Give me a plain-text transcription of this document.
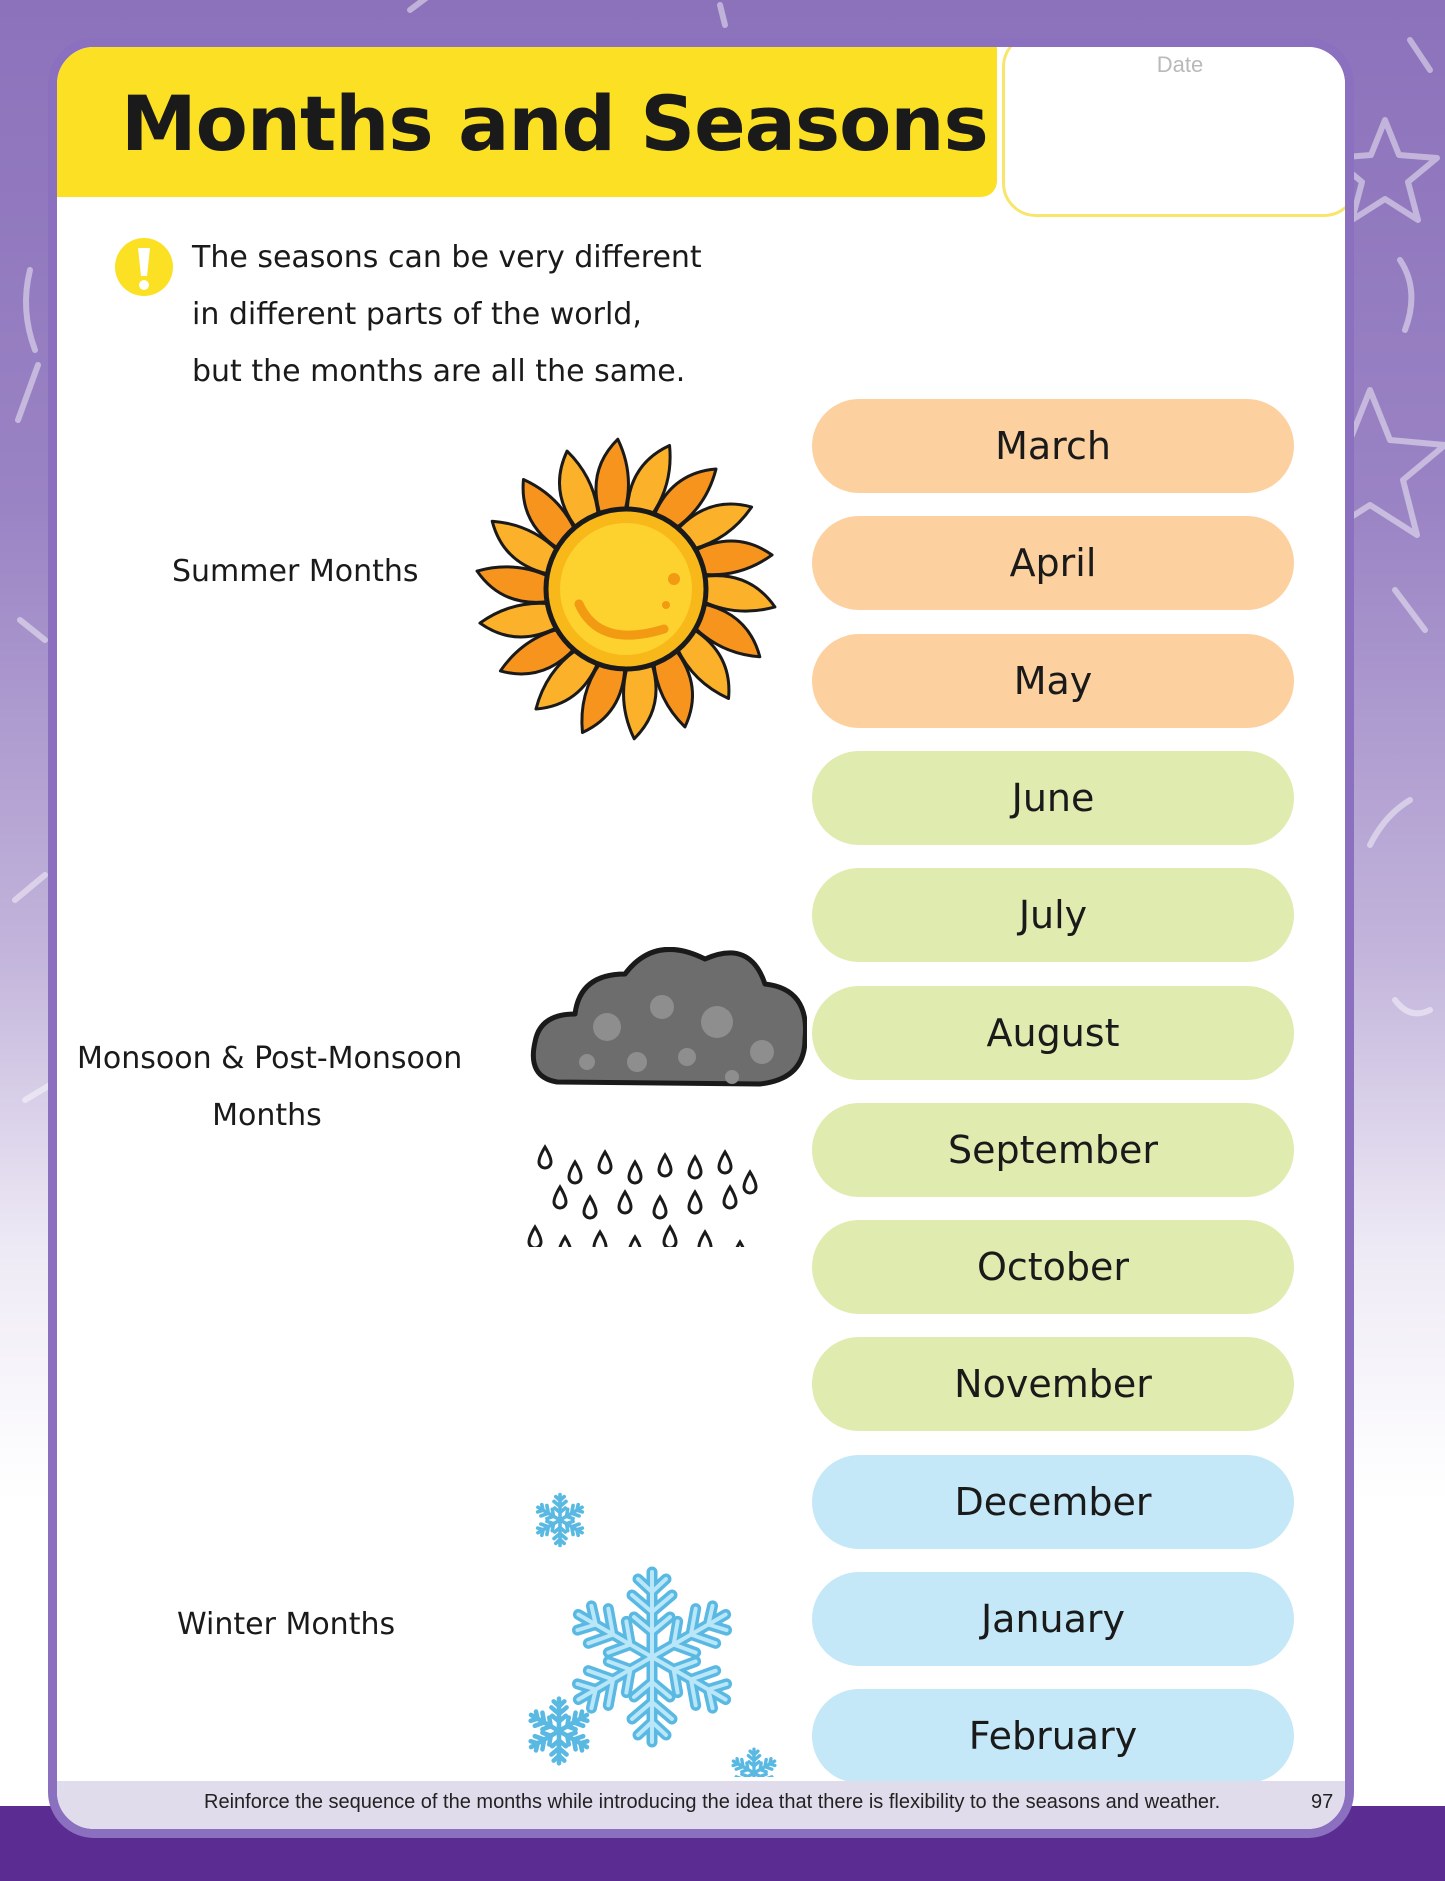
Months and Seasons
Date

The seasons can be very different
in different parts of the world,
but the months are all the same.

Summer Months
Monsoon & Post-Monsoon
Months
Winter Months
March
April
May
June
July
August
September
October
November
December
January
February
Reinforce the sequence of the months while introducing the idea that there is flexibility to the seasons and weather.	97
